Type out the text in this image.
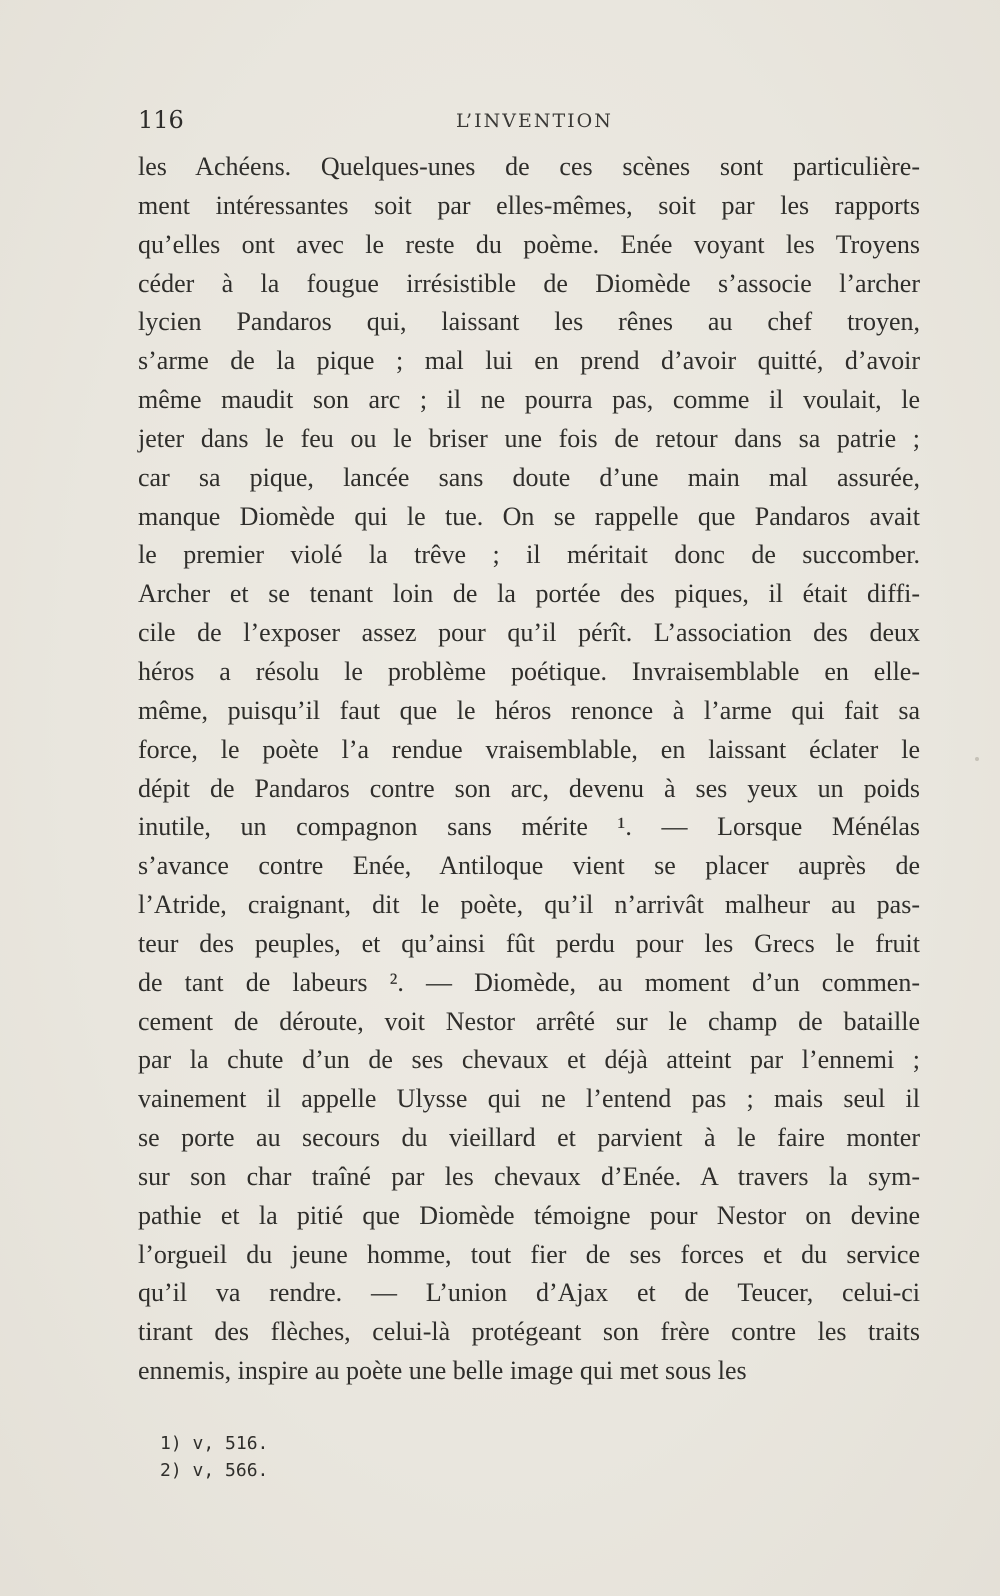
116	L’INVENTION
les Achéens. Quelques-unes de ces scènes sont particulière-
ment intéressantes soit par elles-mêmes, soit par les rapports
qu’elles ont avec le reste du poème. Enée voyant les Troyens
céder à la fougue irrésistible de Diomède s’associe l’archer
lycien Pandaros qui, laissant les rênes au chef troyen,
s’arme de la pique ; mal lui en prend d’avoir quitté, d’avoir
même maudit son arc ; il ne pourra pas, comme il voulait, le
jeter dans le feu ou le briser une fois de retour dans sa patrie ;
car sa pique, lancée sans doute d’une main mal assurée,
manque Diomède qui le tue. On se rappelle que Pandaros avait
le premier violé la trêve ; il méritait donc de succomber.
Archer et se tenant loin de la portée des piques, il était diffi-
cile de l’exposer assez pour qu’il pérît. L’association des deux
héros a résolu le problème poétique. Invraisemblable en elle-
même, puisqu’il faut que le héros renonce à l’arme qui fait sa
force, le poète l’a rendue vraisemblable, en laissant éclater le
dépit de Pandaros contre son arc, devenu à ses yeux un poids
inutile, un compagnon sans mérite ¹. — Lorsque Ménélas
s’avance contre Enée, Antiloque vient se placer auprès de
l’Atride, craignant, dit le poète, qu’il n’arrivât malheur au pas-
teur des peuples, et qu’ainsi fût perdu pour les Grecs le fruit
de tant de labeurs ². — Diomède, au moment d’un commen-
cement de déroute, voit Nestor arrêté sur le champ de bataille
par la chute d’un de ses chevaux et déjà atteint par l’ennemi ;
vainement il appelle Ulysse qui ne l’entend pas ; mais seul il
se porte au secours du vieillard et parvient à le faire monter
sur son char traîné par les chevaux d’Enée. A travers la sym-
pathie et la pitié que Diomède témoigne pour Nestor on devine
l’orgueil du jeune homme, tout fier de ses forces et du service
qu’il va rendre. — L’union d’Ajax et de Teucer, celui-ci
tirant des flèches, celui-là protégeant son frère contre les traits
ennemis, inspire au poète une belle image qui met sous les
1) v, 516.
2) v, 566.
